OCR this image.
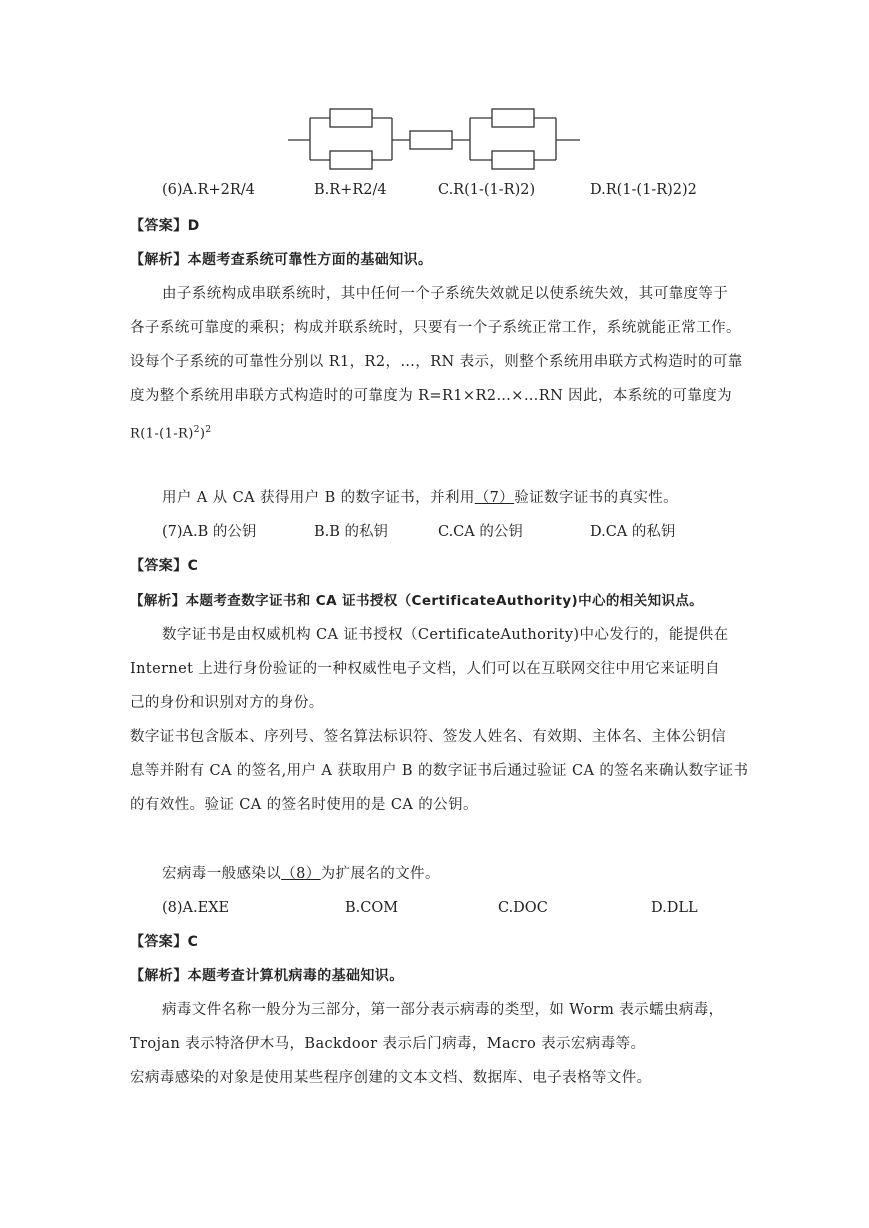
(6)A.R+2R/4	B.R+R2/4	C.R(1-(1-R)2)	D.R(1-(1-R)2)2
【答案】D
【解析】本题考查系统可靠性方面的基础知识。
由子系统构成串联系统时，其中任何一个子系统失效就足以使系统失效，其可靠度等于
各子系统可靠度的乘积；构成并联系统时，只要有一个子系统正常工作，系统就能正常工作。
设每个子系统的可靠性分别以 R1，R2，…，RN 表示，则整个系统用串联方式构造时的可靠
度为整个系统用串联方式构造时的可靠度为 R=R1×R2…×…RN 因此，本系统的可靠度为
$R(1-(1-R)^2)^2$
用户 A 从 CA 获得用户 B 的数字证书，并利用（7）验证数字证书的真实性。
(7)A.B 的公钥	B.B 的私钥	C.CA 的公钥	D.CA 的私钥
【答案】C
【解析】本题考查数字证书和 CA 证书授权（CertificateAuthority)中心的相关知识点。
数字证书是由权威机构 CA 证书授权（CertificateAuthority)中心发行的，能提供在
Internet 上进行身份验证的一种权威性电子文档，人们可以在互联网交往中用它来证明自
己的身份和识别对方的身份。
数字证书包含版本、序列号、签名算法标识符、签发人姓名、有效期、主体名、主体公钥信
息等并附有 CA 的签名,用户 A 获取用户 B 的数字证书后通过验证 CA 的签名来确认数字证书
的有效性。验证 CA 的签名时使用的是 CA 的公钥。
宏病毒一般感染以（8）为扩展名的文件。
(8)A.EXE	B.COM	C.DOC	D.DLL
【答案】C
【解析】本题考查计算机病毒的基础知识。
病毒文件名称一般分为三部分，第一部分表示病毒的类型，如 Worm 表示蠕虫病毒，
Trojan 表示特洛伊木马，Backdoor 表示后门病毒，Macro 表示宏病毒等。
宏病毒感染的对象是使用某些程序创建的文本文档、数据库、电子表格等文件。
